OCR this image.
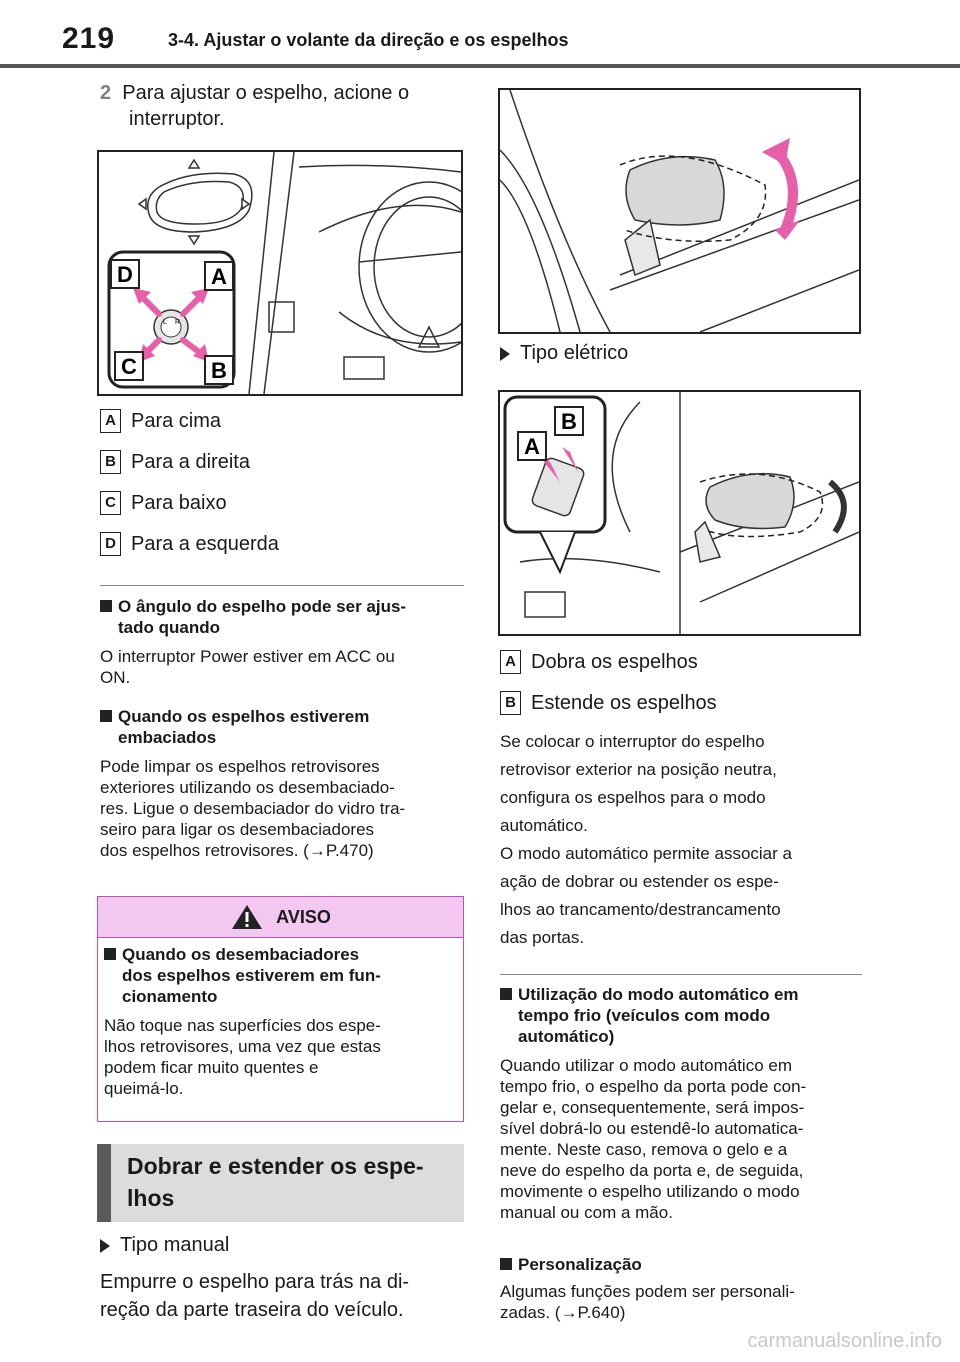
219	3-4. Ajustar o volante da direção e os espelhos
2 Para ajustar o espelho, acione o
interruptor.
L R
D	A
C	B
A Para cima
B Para a direita
C Para baixo
D Para a esquerda
O ângulo do espelho pode ser ajus-
tado quando
O interruptor Power estiver em ACC ou
ON.
Quando os espelhos estiverem
embaciados
Pode limpar os espelhos retrovisores
exteriores utilizando os desembaciado-
res. Ligue o desembaciador do vidro tra-
seiro para ligar os desembaciadores
dos espelhos retrovisores. (→P.470)
AVISO
Quando os desembaciadores
dos espelhos estiverem em fun-
cionamento
Não toque nas superfícies dos espe-
lhos retrovisores, uma vez que estas
podem ficar muito quentes e
queimá-lo.
Dobrar e estender os espe-
lhos
Tipo manual
Empurre o espelho para trás na di-
reção da parte traseira do veículo.
Tipo elétrico
A
B
A Dobra os espelhos
B Estende os espelhos
Se colocar o interruptor do espelho
retrovisor exterior na posição neutra,
configura os espelhos para o modo
automático.
O modo automático permite associar a
ação de dobrar ou estender os espe-
lhos ao trancamento/destrancamento
das portas.
Utilização do modo automático em
tempo frio (veículos com modo
automático)
Quando utilizar o modo automático em
tempo frio, o espelho da porta pode con-
gelar e, consequentemente, será impos-
sível dobrá-lo ou estendê-lo automatica-
mente. Neste caso, remova o gelo e a
neve do espelho da porta e, de seguida,
movimente o espelho utilizando o modo
manual ou com a mão.
Personalização
Algumas funções podem ser personali-
zadas. (→P.640)
carmanualsonline.info
